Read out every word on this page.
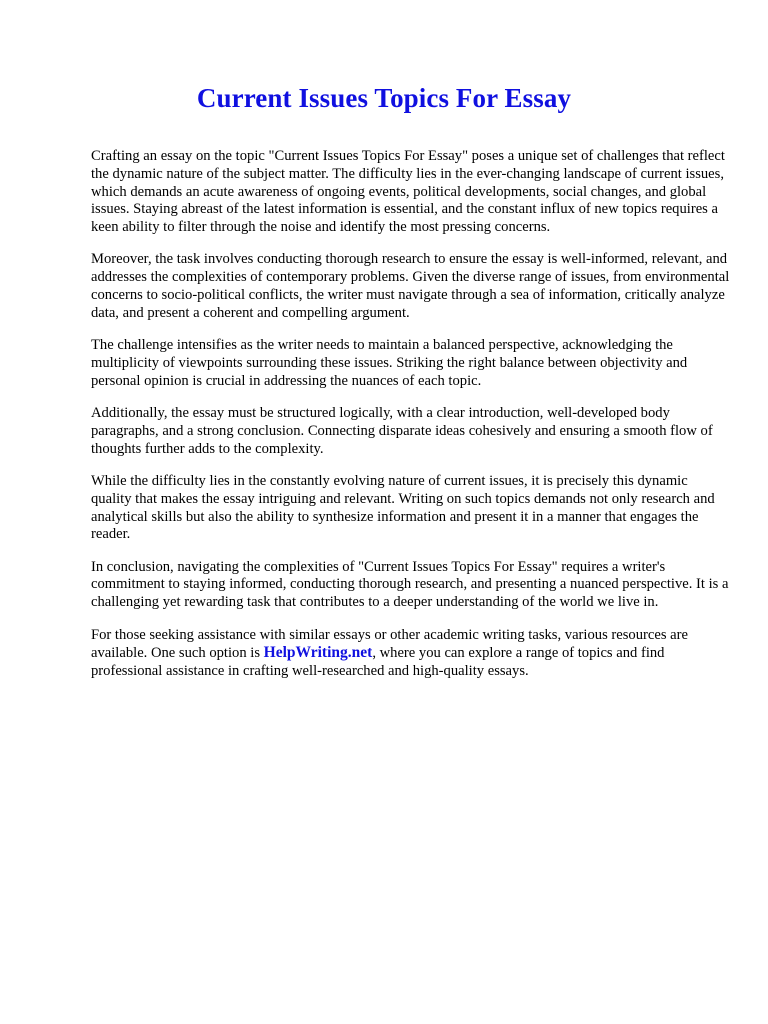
Current Issues Topics For Essay

Crafting an essay on the topic "Current Issues Topics For Essay" poses a unique set of challenges that reflect the dynamic nature of the subject matter. The difficulty lies in the ever-changing landscape of current issues, which demands an acute awareness of ongoing events, political developments, social changes, and global issues. Staying abreast of the latest information is essential, and the constant influx of new topics requires a keen ability to filter through the noise and identify the most pressing concerns.

Moreover, the task involves conducting thorough research to ensure the essay is well-informed, relevant, and addresses the complexities of contemporary problems. Given the diverse range of issues, from environmental concerns to socio-political conflicts, the writer must navigate through a sea of information, critically analyze data, and present a coherent and compelling argument.

The challenge intensifies as the writer needs to maintain a balanced perspective, acknowledging the multiplicity of viewpoints surrounding these issues. Striking the right balance between objectivity and personal opinion is crucial in addressing the nuances of each topic.

Additionally, the essay must be structured logically, with a clear introduction, well-developed body paragraphs, and a strong conclusion. Connecting disparate ideas cohesively and ensuring a smooth flow of thoughts further adds to the complexity.

While the difficulty lies in the constantly evolving nature of current issues, it is precisely this dynamic quality that makes the essay intriguing and relevant. Writing on such topics demands not only research and analytical skills but also the ability to synthesize information and present it in a manner that engages the reader.

In conclusion, navigating the complexities of "Current Issues Topics For Essay" requires a writer's commitment to staying informed, conducting thorough research, and presenting a nuanced perspective. It is a challenging yet rewarding task that contributes to a deeper understanding of the world we live in.

For those seeking assistance with similar essays or other academic writing tasks, various resources are available. One such option is HelpWriting.net, where you can explore a range of topics and find professional assistance in crafting well-researched and high-quality essays.
